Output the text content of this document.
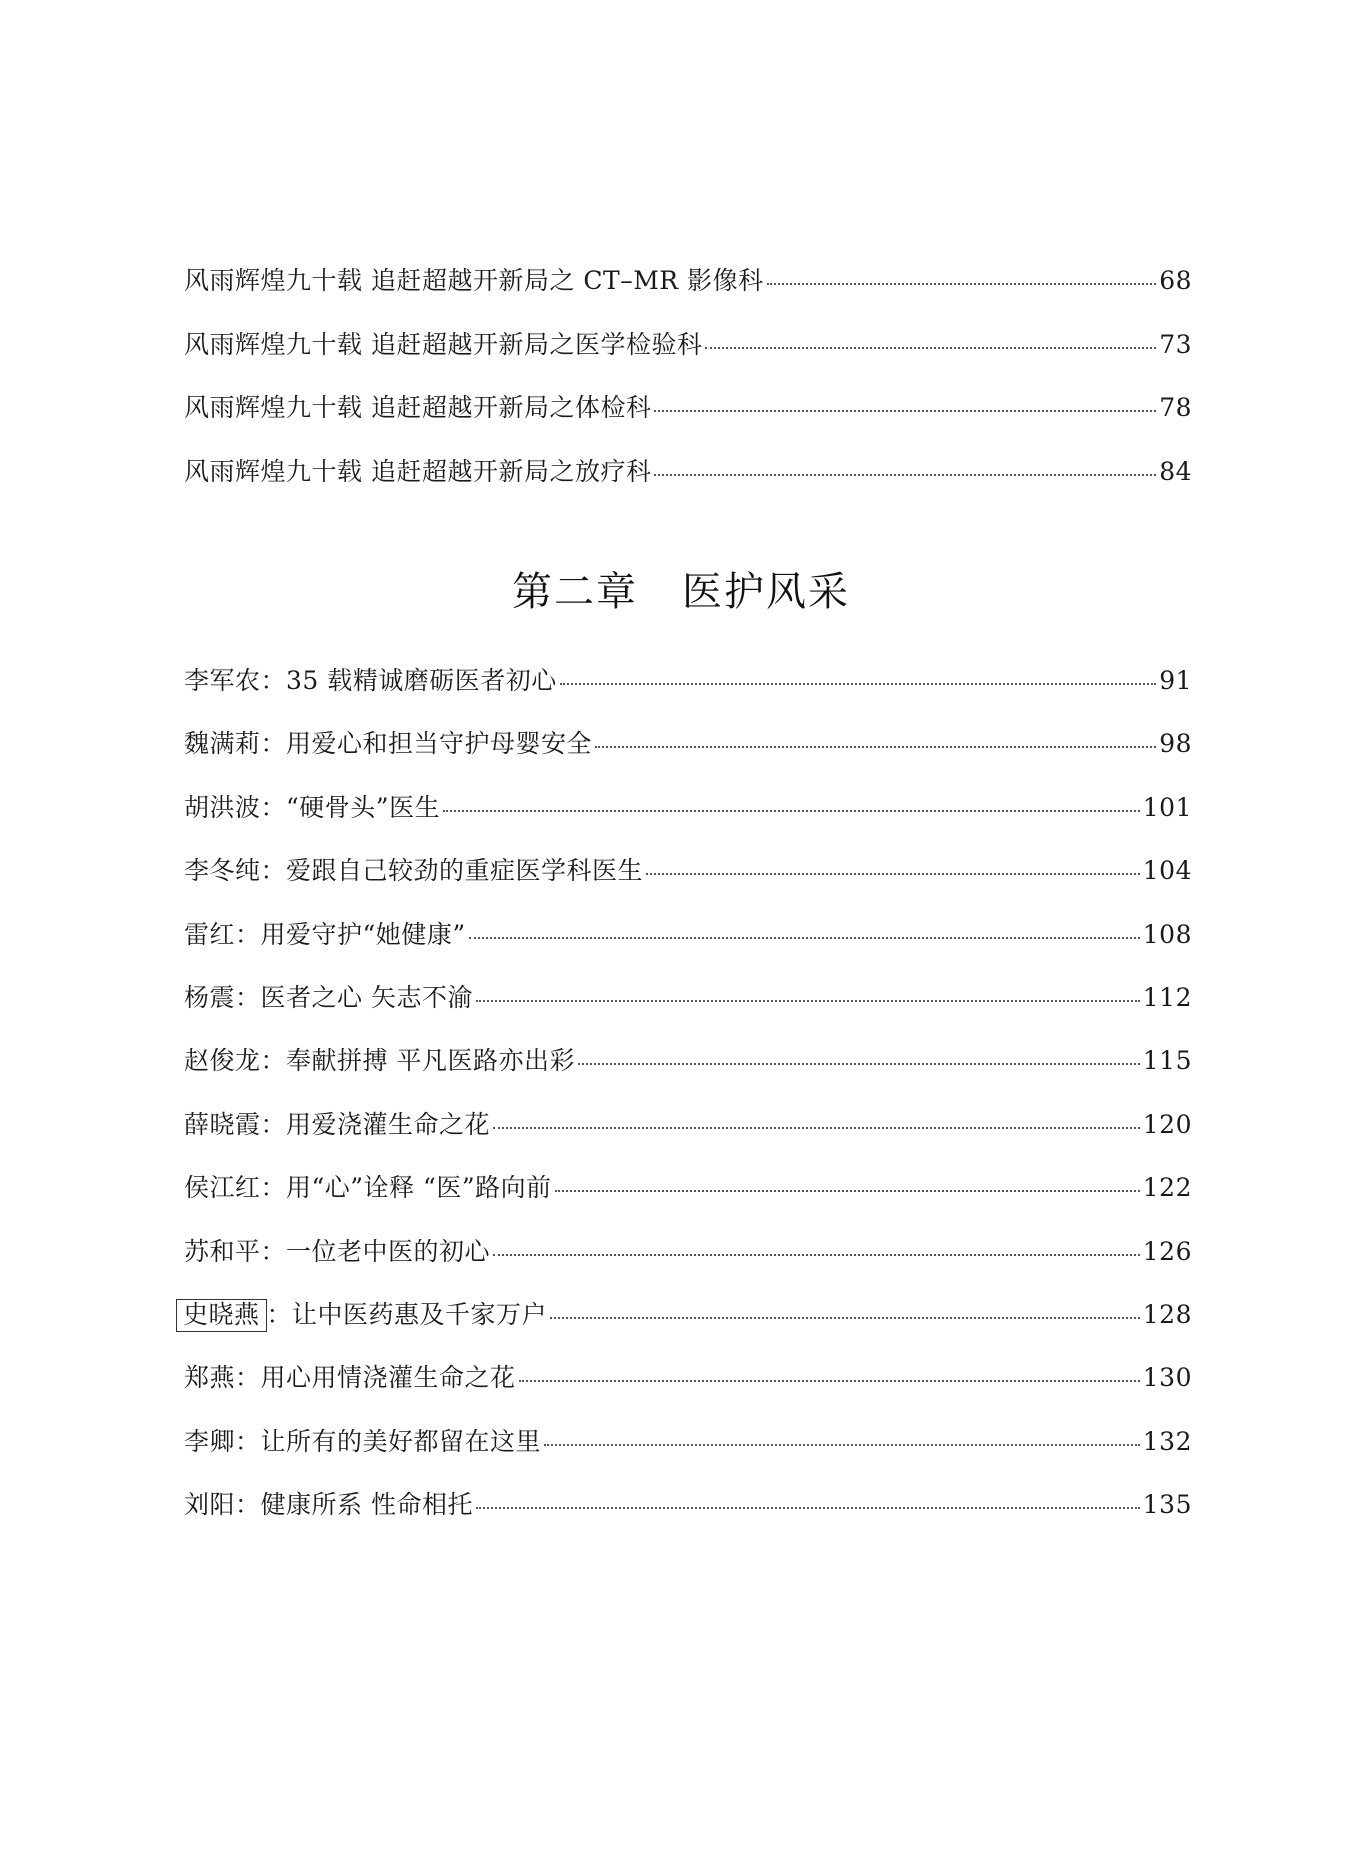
风雨辉煌九十载 追赶超越开新局之 CT–MR 影像科	68
风雨辉煌九十载 追赶超越开新局之医学检验科	73
风雨辉煌九十载 追赶超越开新局之体检科	78
风雨辉煌九十载 追赶超越开新局之放疗科	84
第二章 医护风采
李军农：35 载精诚磨砺医者初心	91
魏满莉：用爱心和担当守护母婴安全	98
胡洪波：“硬骨头”医生	101
李冬纯：爱跟自己较劲的重症医学科医生	104
雷红：用爱守护“她健康”	108
杨震：医者之心 矢志不渝	112
赵俊龙：奉献拼搏 平凡医路亦出彩	115
薛晓霞：用爱浇灌生命之花	120
侯江红：用“心”诠释 “医”路向前	122
苏和平：一位老中医的初心	126
史晓燕 ：让中医药惠及千家万户	128
郑燕：用心用情浇灌生命之花	130
李卿：让所有的美好都留在这里	132
刘阳：健康所系 性命相托	135
